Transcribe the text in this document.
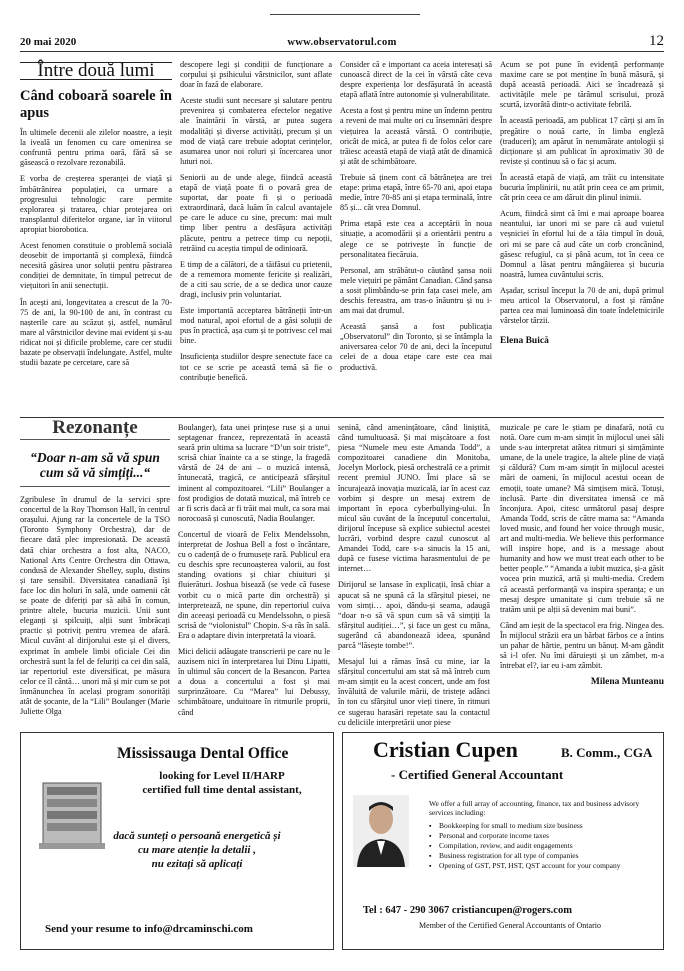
20 mai 2020	www.observatorul.com	12
Între două lumi
Când coboară soarele în apus

În ultimele decenii ale zilelor noastre, a ieșit la iveală un fenomen cu care omenirea se confruntă pentru prima oară, fără să se găsească o rezolvare rezonabilă.

E vorba de creșterea speranței de viață și îmbătrânirea populației, ca urmare a progresului tehnologic care permite explorarea și tratarea, chiar protejarea ori transplantul diferitelor organe, iar în viitorul apropiat bioroboticа.

Acest fenomen constituie o problemă socială deosebit de importantă și complexă, fiindcă necesită găsirea unor soluții pentru păstrarea condiției de demnitate, în timpul petrecut de viețuitori în anii senectuții.

În acești ani, longevitatea a crescut de la 70-75 de ani, la 90-100 de ani, în contrast cu nașterile care au scăzut și, astfel, numărul mare al vârstnicilor devine mai evident și s-au ridicat noi și dificile probleme, care cer studii bazate pe observații îndelungate. Astfel, multe studii bazate pe cercetare, care să

descopere legi și condiții de funcționare a corpului și psihicului vârstnicilor, sunt aflate doar în fază de elaborare.

Aceste studii sunt necesare și salutare pentru prevenirea și combaterea efectelor negative ale înaintării în vârstă, ar putea sugera modalități și diverse activități, precum și un mod de viață care trebuie adoptat cerințelor, asumarea unor noi roluri și încercarea unor luturi noi.

Seniorii au de unde alege, fiindcă această etapă de viață poate fi o povară grea de suportat, dar poate fi și o perioadă extraordinară, dacă luăm în calcul avantajele pe care le aduce cu sine, precum: mai mult timp liber pentru a desfășura activități plăcute, pentru a petrece timp cu nepoții, retrăind cu aceștia timpul de odinioară.

E timp de a călători, de a tăifăsui cu prietenii, de a rememora momente fericite și realizări, de a citi sau scrie, de a se dedica unor cauze dragi, inclusiv prin voluntariat.

Este importantă acceptarea bătrâneții într-un mod natural, apoi efortul de a găsi soluții de pus în practică, așa cum și te potrivesc cel mai bine.

Insuficiența studiilor despre senectute face ca tot ce se scrie pe această temă să fie o contribuție benefică.

Consider că e important ca aceia interesați să cunoască direct de la cei în vârstă câte ceva despre experiența lor desfășurată în această etapă aflată între autonomie și vulnerabilitate.

Acesta a fost și pentru mine un îndemn pentru a reveni de mai multe ori cu însemnări despre viețuirea la această vârstă. O contribuție, oricât de mică, ar putea fi de folos celor care trăiesc această etapă de viață atât de dinamică și atât de schimbătoare.

Trebuie să ținem cont că bătrânețea are trei etape: prima etapă, între 65-70 ani, apoi etapa medie, între 70-85 ani și etapa terminală, între 85 și... cât vrea Domnul.

Prima etapă este cea a acceptării în noua situație, a acomodării și a orientării pentru a alege ce se potrivește în funcție de personalitatea fiecăruia.

Personal, am străbătut-o căutând șansa noii mele viețuiri pe pământ Canadian. Când șansa a sosit plimbându-se prin fața casei mele, am deschis fereastra, am tras-o înăuntru și nu i-am mai dat drumul.

Această șansă a fost publicația „Observatorul” din Toronto, și se întâmpla la aniversarea celor 70 de ani, deci la începutul celei de a doua etape care este cea mai productivă.

Acum se pot pune în evidență performanțe maxime care se pot menține în bună măsură, și după această perioadă. Aici se încadrează și activitățile mele pe tărâmul scrisului, proză scurtă, izvorâtă dintr-o activitate febrilă.

În această perioadă, am publicat 17 cărți și am în pregătire o nouă carte, în limba engleză (traduceri); am apărut în nenumărate antologii și dicționare și am publicat în aproximativ 30 de reviste și continuu să o fac și acum.

În această etapă de viață, am trăit cu intensitate bucuria împlinirii, nu atât prin ceea ce am primit, cât prin ceea ce am dăruit din plinul inimii.

Acum, fiindcă simt că îmi e mai aproape boarea neantului, iar unorі mi se pare că aud vuietul veșniciei în efortul lui de a tăia timpul în două, ori mi se pare că aud căte un corb croncănind, găsesc refugiul, ca și până acum, tot în ceea ce Domnul a lăsat pentru mângâierea și bucuria noastră, lumea cuvântului scris.

Așadar, scrisul început la 70 de ani, după primul meu articol la Observatorul, a fost și rămâne partea cea mai luminoasă din toate îndeletnicirile vârstelor târzii.

Elena Buică
Rezonanțe
“Doar n-am să vă spun cum să vă simțiți...“

Zgribulese în drumul de la servici spre concertul de la Roy Thomson Hall, în centrul orașului. Ajung rar la concertele de la TSO (Toronto Symphony Orchestra), dar de fiecare dată plec impresionată. De această dată chiar orchestra a fost alta, NACO, National Arts Centre Orchestra din Ottawa, condusă de Alexander Shelley, suplu, distins și tare sensibil. Diversitatea canadiană își face loc din holuri în sală, unde oamenii cât se poate de diferiți par să aibă în comun, printre altele, bucuria muzicii. Unii sunt eleganți și spilcuiți, alții sunt îmbrăcați practic și potriviț pentru vremea de afară. Micul cuvânt al dirijorului este și el divers, exprimat în ambele limbi oficiale Cei din orchestră sunt la fel de felurіți ca cei din sală, iar repertoriul este diversificat, pe măsura celor ce îl cântă… unorі mă și mir cum se pot înmănunchea în același program sonorități atât de șocante, de la “Lili” Boulanger (Marie Juliette Olga

Boulanger), fata unei prințese ruse și a unui septagenar francez, reprezentată în această seară prin ultima sa lucrare “D’un soir triste”, scrisă chiar înainte ca a se stinge, la fragedă vârstă de 24 de ani – o muzică intensă, întunecată, tragică, ce anticipează sfârșitul iminent al compozitoarei. “Lili” Boulanger a fost prodigios de dotată muzical, mă întreb ce ar fi scris dacă ar fi trăit mai mult, ca sora mai norocoasă și cunoscută, Nadia Boulanger.

Concertul de vioară de Felix Mendelssohn, interpretat de Joshua Bell a fost o încântare, cu o cadență de o frumusețe rară. Publicul era cu deschis spre recunoașterea valorii, au fost standing ovations și chiar chiuituri și fluierături. Joshua biseazǎ (se vede că fusese vorbit cu o mică parte din orchestră) și interpretеаzǎ, ne spune, din repertoriul cuiva din aceeași perioadă cu Mendelssohn, o piesă scrisă de “violonistul” Chopin. S-a râs în sală. Era o adaptare divin interpretată la vioară.

Mici delicii adăugate transcrierii pe care nu le auzisem nici în interpretarea lui Dinu Lipatti, în ultimul său concert de la Besancon. Partea a doua a concertului a fost și mai surprinzătoare. Cu “Marea” lui Debussy, schimbătoare, unduitoare în ritmurile proprii, când

senină, când amenințătoare, când liniștită, când tumultuoasă. Și mai mișcătoare a fost piesa “Numele meu este Amanda Todd”, a compozitoarei canadiene din Monitoba, Jocelyn Morlock, piesă orchestrală ce a primit recent premiul JUNO. Îmi place să se încurajează inovația muzicală, iar în acest caz vorbim și despre un mesaj extrem de important în epoca cyberbullying-ului. În micul său cuvânt de la începutul concertului, dirijorul începuse să explice subiectul acestei lucrări, vorbind despre cazul cunoscut al Amandei Todd, care s-a sinucis la 15 ani, după ce fusese victima harasmentului de pe internet…

Dirijorul se lansase în explicații, însă chiar a apucat să ne spună că la sfârșitul piesei, ne vom simți… apoi, dându-și seama, adaugă “doar n-o să vă spun cum să vă simțiți la sfârșitul audiției…”, și face un gest cu mâna, sugerând că abandonează ideea, spunând parcă “lăsește tombe!”.

Mesajul lui a rămas însă cu mine, iar la sfârșitul concertului am stat să mă întreb cum m-am simțit eu la acest concert, unde am fost învăluită de valurile mării, de tristețe adânci în ton cu sfârșitul unor vieți tinere, în ritmuri ce sugerau harasări repetate sau la contactul cu deliciile interpretării unor piese

muzicale pe care le știam pe dinafară, notă cu notă. Oare cum m-am simțit în mijlocul unei săli unde s-au interpretat atâtea ritmuri și simțăminte umane, de la unele tragice, la altele pline de viață și căldură? Cum m-am simțit în mijlocul acestei mări de oameni, în mijlocul acestui ocean de emoții, toate umane? Mă simțisem mică. Totuși, inclusă. Parte din diversitatea imensă ce mă înconjura. Apoi, citesc următorul pasaj despre Amanda Todd, scris de către mama sa: “Amanda loved music, and found her voice through music, art and multi-media. We believe this performance will inspire hope, and is a message about humanity and how we must treat each other to be better people.” “Amanda a iubit muzica, și-a găsit vocea prin muzică, artă și multi-media. Credem că această performanță va inspira speranța; e un mesaj despre umanitate și cum trebuie să ne tratăm unii pe alții să devenim mai buni”.

Când am ieșit de la spectacol era frig. Ningea des. În mijlocul străzii era un bărbat fărbos ce a întins un pahar de hârtie, pentru un bănuț. M-am gândit să i-l ofer. Nu îmi dăruiești și un zâmbet, m-a întrebat el?, iar eu i-am zâmbit.

Milena Munteanu
Mississauga Dental Office
looking for Level II/HARP
certified full time dental assistant,
dacă sunteți o persoană energetică și
cu mare atenție la detalii ,
nu ezitați să aplicați
Send your resume to info@drcaminschi.com
Cristian Cupen	B. Comm., CGA
- Certified General Accountant
We offer a full array of accounting, finance, tax and business advisory services including:
▪ Bookkeeping for small to medium size business
▪ Personal and corporate income taxes
▪ Compilation, review, and audit engagements
▪ Business registration for all type of companies
▪ Opening of GST, PST, HST, QST account for your company
Tel : 647 - 290 3067 cristiancupen@rogers.com
Member of the Certified General Accountants of Ontario
